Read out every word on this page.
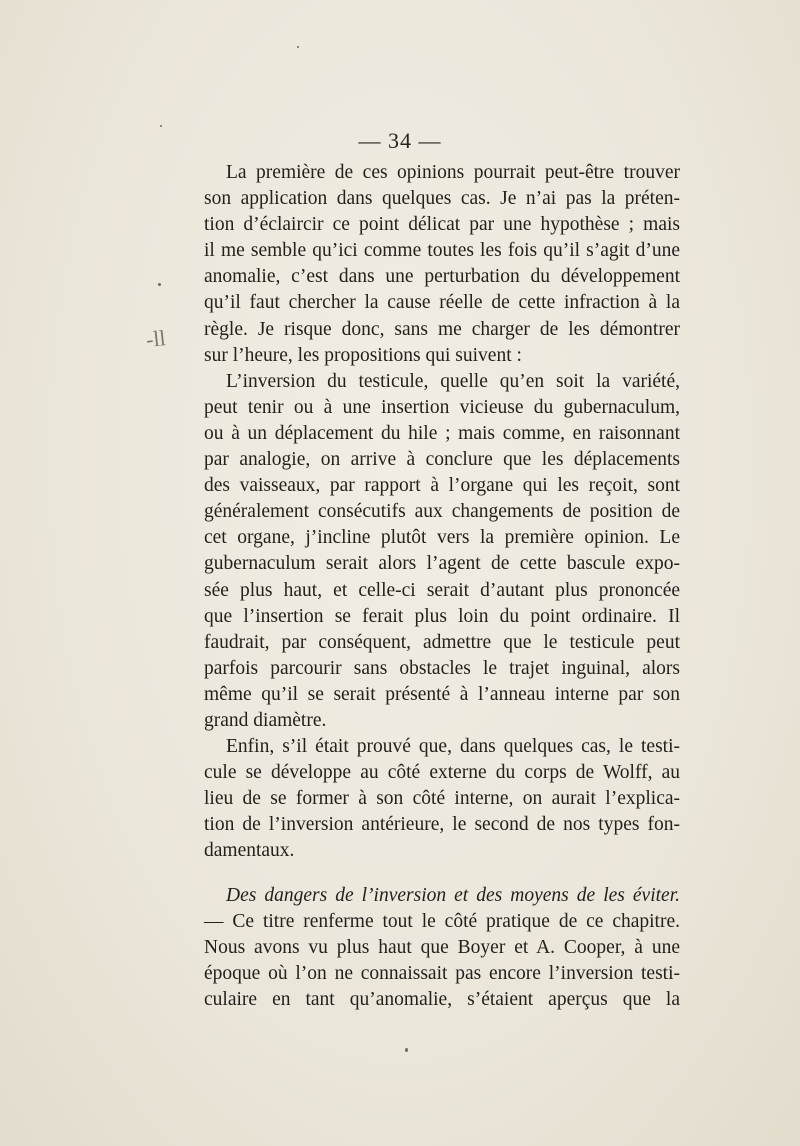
— 34 —
-ll
La première de ces opinions pourrait peut-être trouver
son application dans quelques cas. Je n’ai pas la préten-
tion d’éclaircir ce point délicat par une hypothèse ; mais
il me semble qu’ici comme toutes les fois qu’il s’agit d’une
anomalie, c’est dans une perturbation du développement
qu’il faut chercher la cause réelle de cette infraction à la
règle. Je risque donc, sans me charger de les démontrer
sur l’heure, les propositions qui suivent :
L’inversion du testicule, quelle qu’en soit la variété,
peut tenir ou à une insertion vicieuse du gubernaculum,
ou à un déplacement du hile ; mais comme, en raisonnant
par analogie, on arrive à conclure que les déplacements
des vaisseaux, par rapport à l’organe qui les reçoit, sont
généralement consécutifs aux changements de position de
cet organe, j’incline plutôt vers la première opinion. Le
gubernaculum serait alors l’agent de cette bascule expo-
sée plus haut, et celle-ci serait d’autant plus prononcée
que l’insertion se ferait plus loin du point ordinaire. Il
faudrait, par conséquent, admettre que le testicule peut
parfois parcourir sans obstacles le trajet inguinal, alors
même qu’il se serait présenté à l’anneau interne par son
grand diamètre.
Enfin, s’il était prouvé que, dans quelques cas, le testi-
cule se développe au côté externe du corps de Wolff, au
lieu de se former à son côté interne, on aurait l’explica-
tion de l’inversion antérieure, le second de nos types fon-
damentaux.
Des dangers de l’inversion et des moyens de les éviter.
— Ce titre renferme tout le côté pratique de ce chapitre.
Nous avons vu plus haut que Boyer et A. Cooper, à une
époque où l’on ne connaissait pas encore l’inversion testi-
culaire en tant qu’anomalie, s’étaient aperçus que la
